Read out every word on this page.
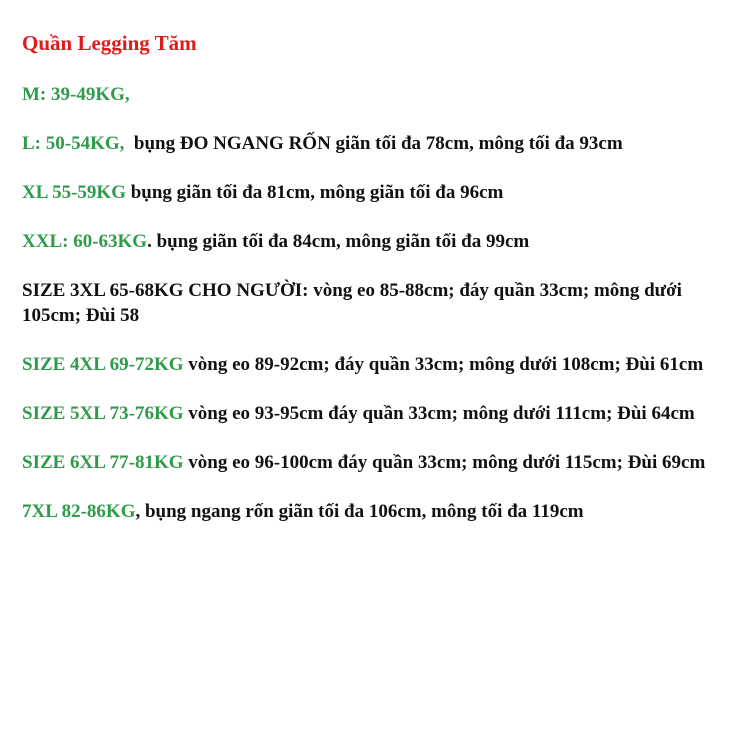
Quần Legging Tăm
M: 39-49KG,
L: 50-54KG,  bụng ĐO NGANG RỐN giãn tối đa 78cm, mông tối đa 93cm
XL 55-59KG bụng giãn tối đa 81cm, mông giãn tối đa 96cm
XXL: 60-63KG. bụng giãn tối đa 84cm, mông giãn tối đa 99cm
SIZE 3XL 65-68KG CHO NGƯỜI: vòng eo 85-88cm; đáy quần 33cm; mông dưới 105cm; Đùi 58
SIZE 4XL 69-72KG vòng eo 89-92cm; đáy quần 33cm; mông dưới 108cm; Đùi 61cm
SIZE 5XL 73-76KG vòng eo 93-95cm đáy quần 33cm; mông dưới 111cm; Đùi 64cm
SIZE 6XL 77-81KG vòng eo 96-100cm đáy quần 33cm; mông dưới 115cm; Đùi 69cm
7XL 82-86KG, bụng ngang rốn giãn tối đa 106cm, mông tối đa 119cm
